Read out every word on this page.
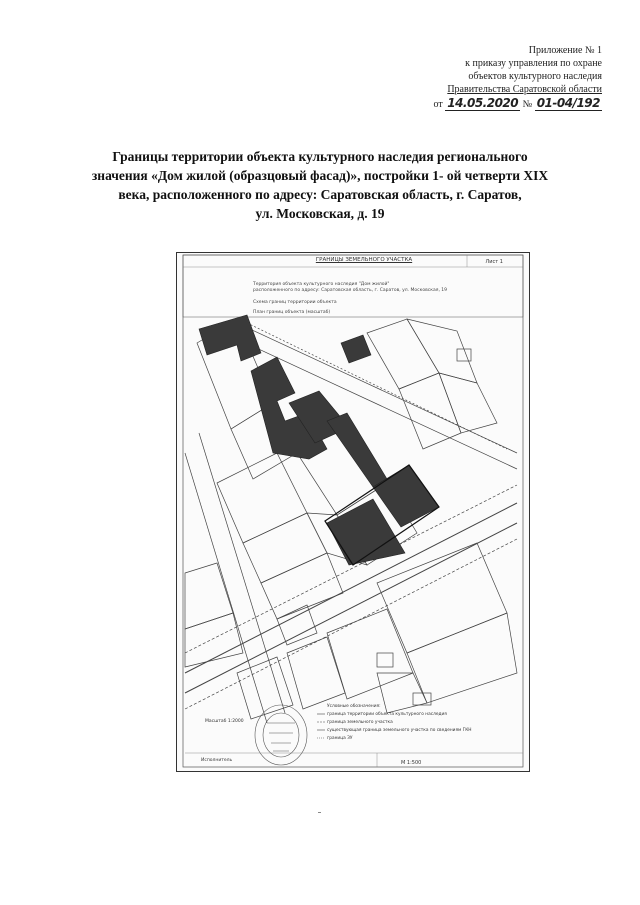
Приложение № 1
к приказу управления по охране
объектов культурного наследия
Правительства Саратовской области
от 14.05.2020 № 01-04/192
Границы территории объекта культурного наследия регионального
значения «Дом жилой (образцовый фасад)», постройки 1- ой четверти XIX
века, расположенного по адресу: Саратовская область, г. Саратов,
ул. Московская, д. 19
ГРАНИЦЫ ЗЕМЕЛЬНОГО УЧАСТКА	Лист 1
Территория объекта культурного наследия "Дом жилой"
расположенного по адресу: Саратовская область, г. Саратов, ул. Московская, 19
Схема границ территории объекта
План границ объекта (масштаб)
Условные обозначения:
граница территории объекта культурного наследия
граница земельного участка
существующая граница земельного участка по сведениям ГКН
граница ЗУ
Масштаб 1:2000
Исполнитель	М 1:500
